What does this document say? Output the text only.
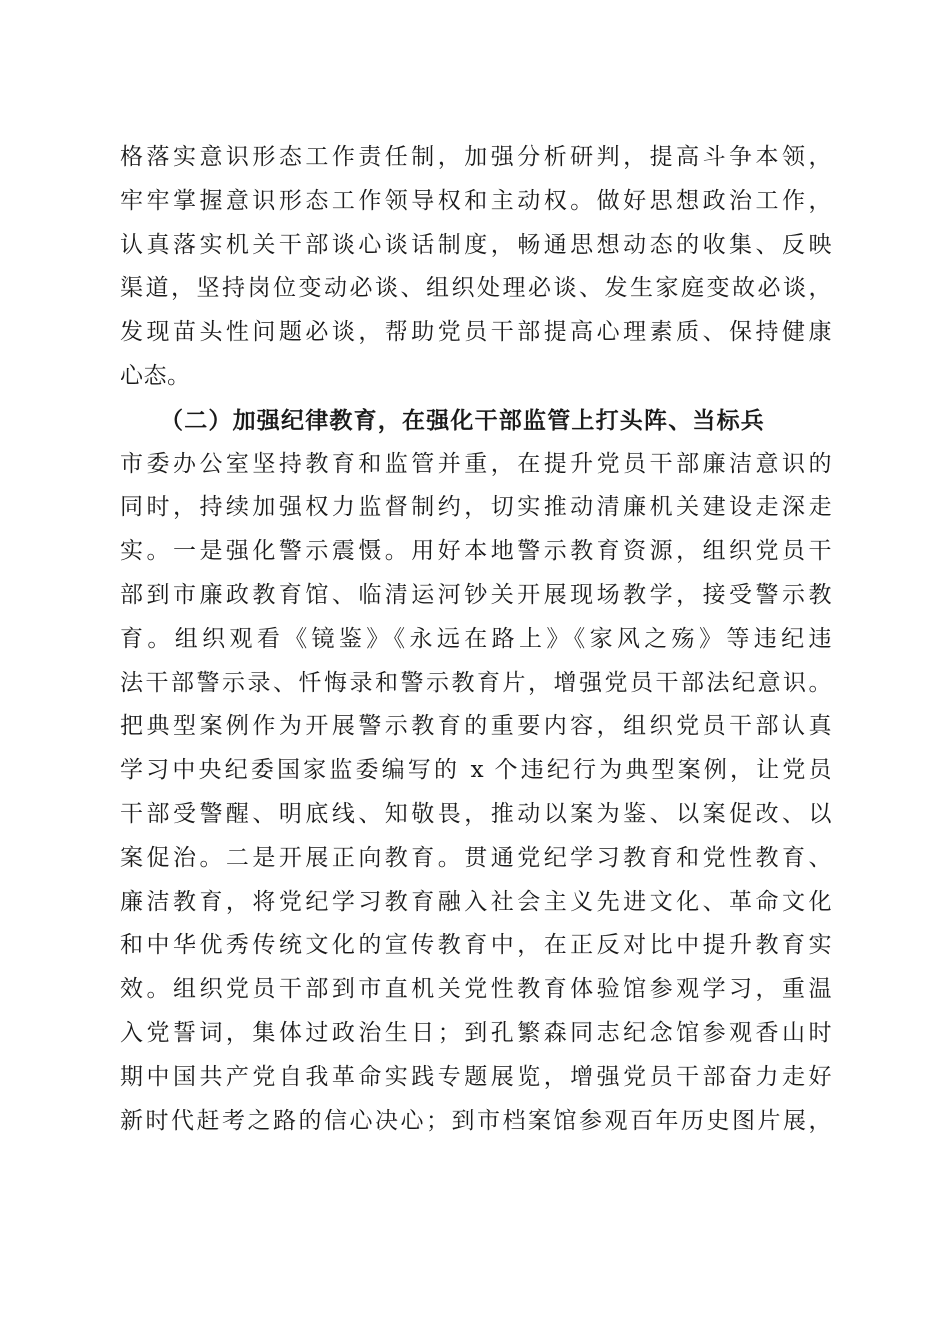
格落实意识形态工作责任制，加强分析研判，提高斗争本领，
牢牢掌握意识形态工作领导权和主动权。做好思想政治工作，
认真落实机关干部谈心谈话制度，畅通思想动态的收集、反映
渠道，坚持岗位变动必谈、组织处理必谈、发生家庭变故必谈，
发现苗头性问题必谈，帮助党员干部提高心理素质、保持健康
心态。
（二）加强纪律教育，在强化干部监管上打头阵、当标兵
市委办公室坚持教育和监管并重，在提升党员干部廉洁意识的
同时，持续加强权力监督制约，切实推动清廉机关建设走深走
实。一是强化警示震慑。用好本地警示教育资源，组织党员干
部到市廉政教育馆、临清运河钞关开展现场教学，接受警示教
育。组织观看《镜鉴》《永远在路上》《家风之殇》等违纪违
法干部警示录、忏悔录和警示教育片，增强党员干部法纪意识。
把典型案例作为开展警示教育的重要内容，组织党员干部认真
学习中央纪委国家监委编写的 x 个违纪行为典型案例，让党员
干部受警醒、明底线、知敬畏，推动以案为鉴、以案促改、以
案促治。二是开展正向教育。贯通党纪学习教育和党性教育、
廉洁教育，将党纪学习教育融入社会主义先进文化、革命文化
和中华优秀传统文化的宣传教育中，在正反对比中提升教育实
效。组织党员干部到市直机关党性教育体验馆参观学习，重温
入党誓词，集体过政治生日；到孔繁森同志纪念馆参观香山时
期中国共产党自我革命实践专题展览，增强党员干部奋力走好
新时代赶考之路的信心决心；到市档案馆参观百年历史图片展，
